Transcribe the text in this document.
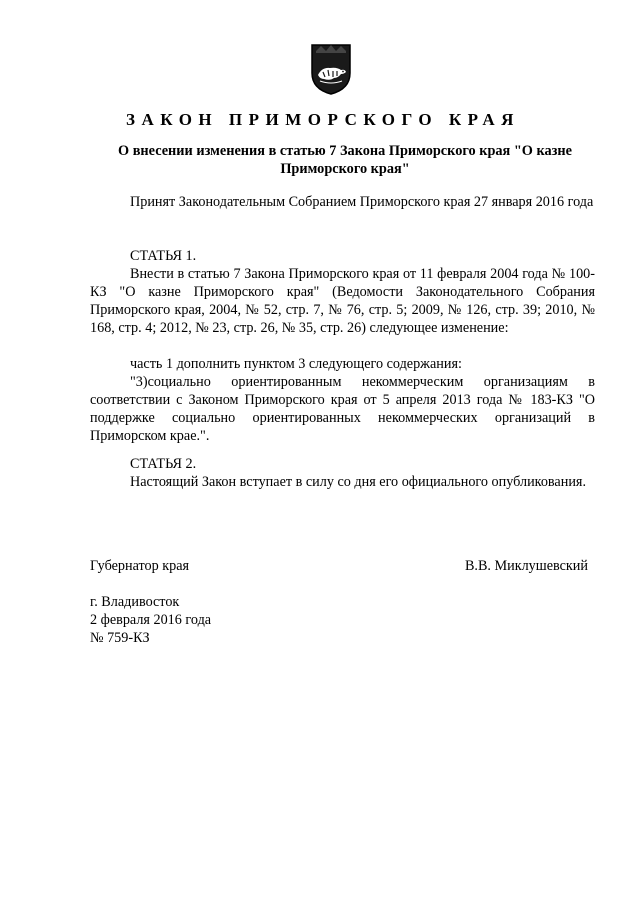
ЗАКОН ПРИМОРСКОГО КРАЯ
О внесении изменения в статью 7 Закона Приморского края "О казне Приморского края"
Принят Законодательным Собранием Приморского края 27 января 2016 года
СТАТЬЯ 1.
Внести в статью 7 Закона Приморского края от 11 февраля 2004 года № 100-КЗ "О казне Приморского края" (Ведомости Законодательного Собрания Приморского края, 2004, № 52, стр. 7, № 76, стр. 5; 2009, № 126, стр. 39; 2010, № 168, стр. 4; 2012, № 23, стр. 26, № 35, стр. 26) следующее изменение:
часть 1 дополнить пунктом 3 следующего содержания:
"3)социально ориентированным некоммерческим организациям в соответствии с Законом Приморского края от 5 апреля 2013 года № 183-КЗ "О поддержке социально ориентированных некоммерческих организаций в Приморском крае.".
СТАТЬЯ 2.
Настоящий Закон вступает в силу со дня его официального опубликования.
Губернатор края	В.В. Миклушевский
г. Владивосток
2 февраля 2016 года
№ 759-КЗ
